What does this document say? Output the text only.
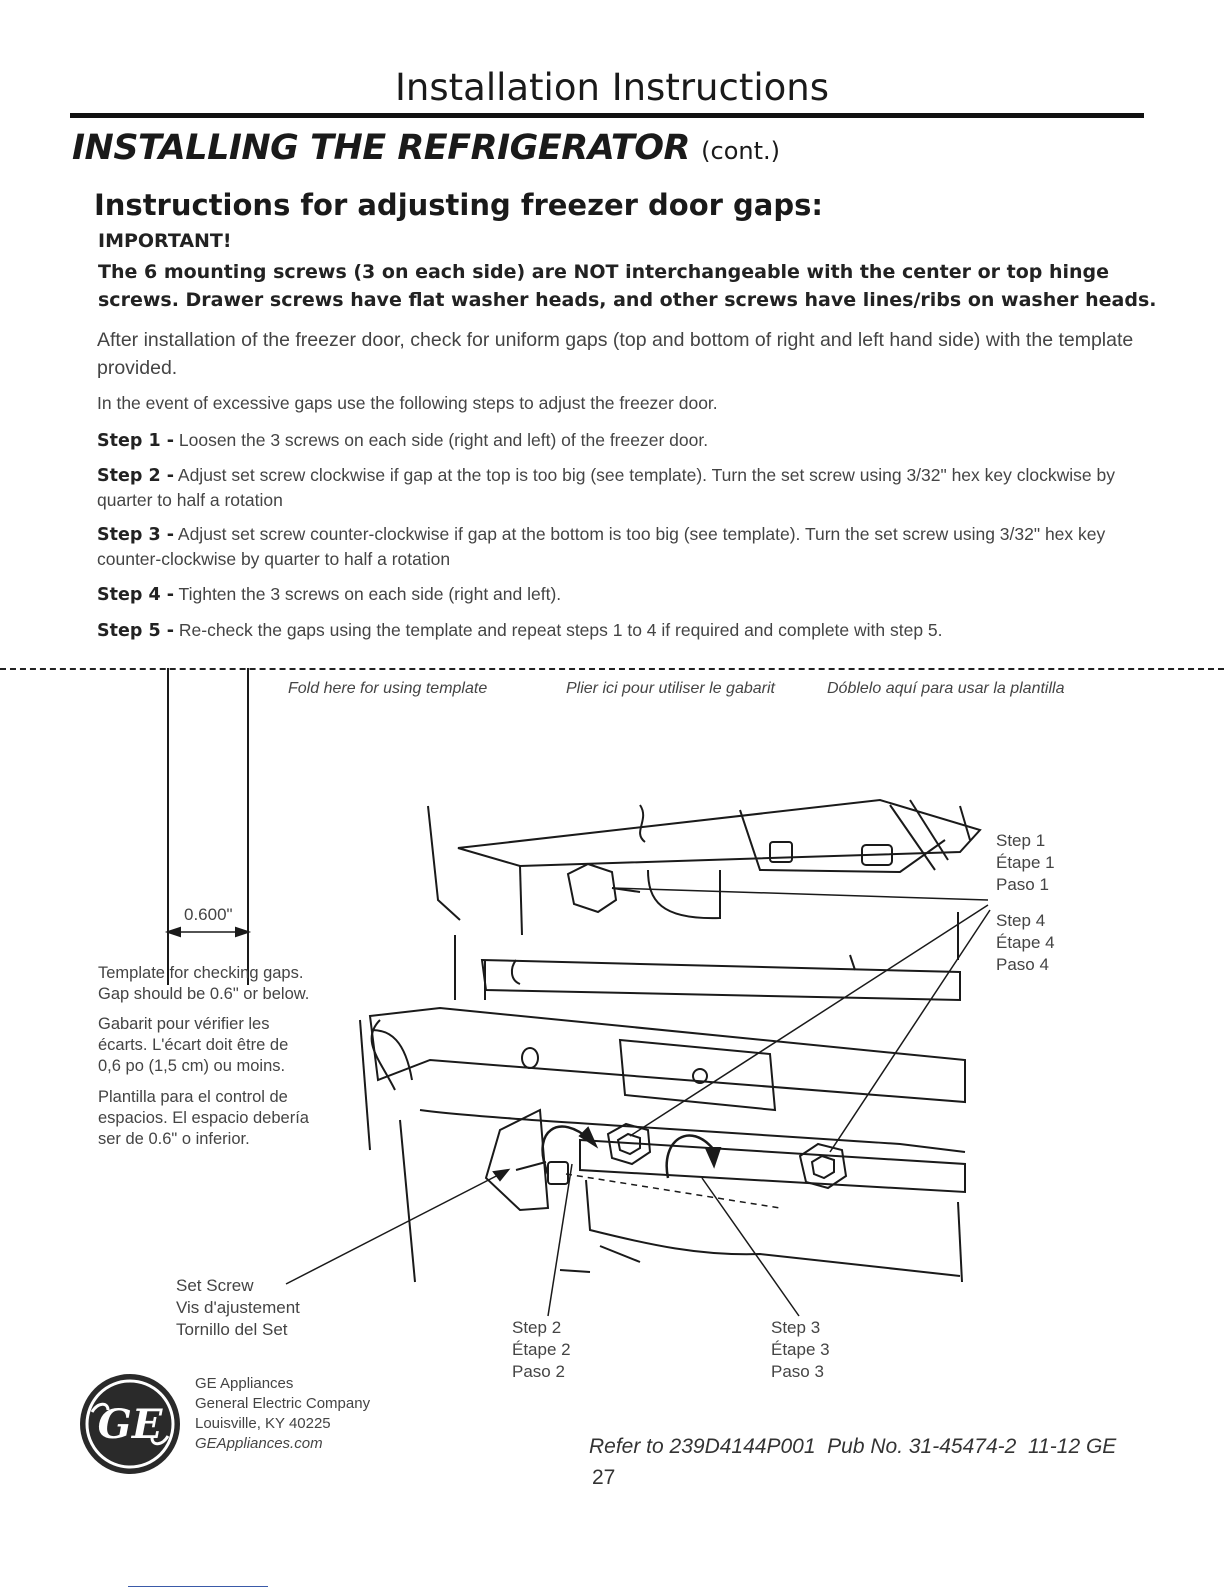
Installation Instructions
INSTALLING THE REFRIGERATOR (cont.)
Instructions for adjusting freezer door gaps:
IMPORTANT!
The 6 mounting screws (3 on each side) are NOT interchangeable with the center or top hinge screws. Drawer screws have flat washer heads, and other screws have lines/ribs on washer heads.
After installation of the freezer door, check for uniform gaps (top and bottom of right and left hand side) with the template provided.
In the event of excessive gaps use the following steps to adjust the freezer door.
Step 1 - Loosen the 3 screws on each side (right and left) of the freezer door.
Step 2 - Adjust set screw clockwise if gap at the top is too big (see template). Turn the set screw using 3/32" hex key clockwise by quarter to half a rotation
Step 3 - Adjust set screw counter-clockwise if gap at the bottom is too big (see template). Turn the set screw using 3/32" hex key counter-clockwise by quarter to half a rotation
Step 4 - Tighten the 3 screws on each side (right and left).
Step 5 - Re-check the gaps using the template and repeat steps 1 to 4 if required and complete with step 5.
Fold here for using template	Plier ici pour utiliser le gabarit	Dóblelo aquí para usar la plantilla
0.600"
Template for checking gaps.
Gap should be 0.6" or below.
Gabarit pour vérifier les
écarts. L'écart doit être de
0,6 po (1,5 cm) ou moins.
Plantilla para el control de
espacios. El espacio debería
ser de 0.6" o inferior.
Step 1
Étape 1
Paso 1
Step 4
Étape 4
Paso 4
Set Screw
Vis d'ajustement
Tornillo del Set	Step 2
Étape 2
Paso 2
Step 3
Étape 3
Paso 3
GE
GE Appliances
General Electric Company
Louisville, KY 40225
GEAppliances.com	Refer to 239D4144P001  Pub No. 31-45474-2  11-12 GE
27
